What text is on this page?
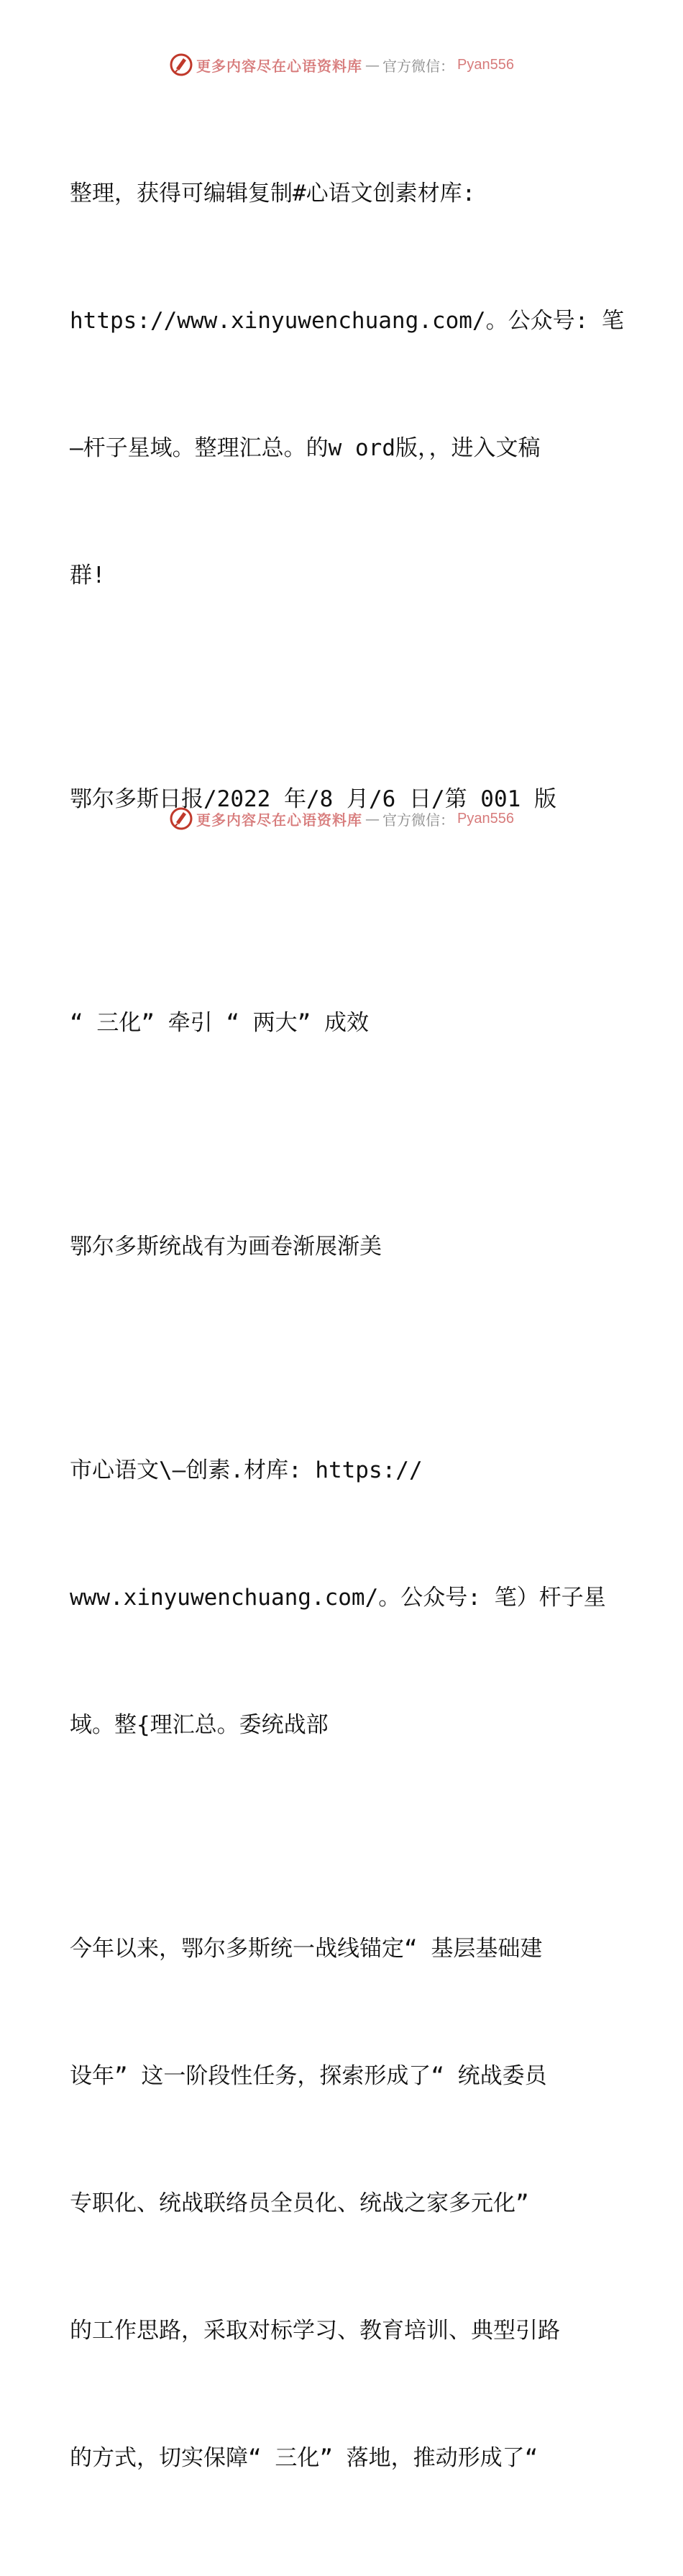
更多内容尽在心语资料库 — 官方微信： Pyan556

整理，获得可编辑复制#心语文创素材库:

https://www.xinyuwenchuang.com/。公众号: 笔

—杆子星域。整理汇总。的w ord版，，进入文稿

群!

鄂尔多斯日报/2022 年/8 月/6 日/第 001 版

“ 三化” 牵引 “ 两大” 成效

鄂尔多斯统战有为画卷渐展渐美

市心语文\—创素.材库: https://

www.xinyuwenchuang.com/。公众号: 笔）杆子星

域。整{理汇总。委统战部

今年以来，鄂尔多斯统一战线锚定“ 基层基础建

设年” 这一阶段性任务，探索形成了“ 统战委员

专职化、统战联络员全员化、统战之家多元化”

的工作思路，采取对标学习、教育培训、典型引路

的方式，切实保障“ 三化” 落地，推动形成了“

更多内容尽在心语资料库 — 官方微信： Pyan556
